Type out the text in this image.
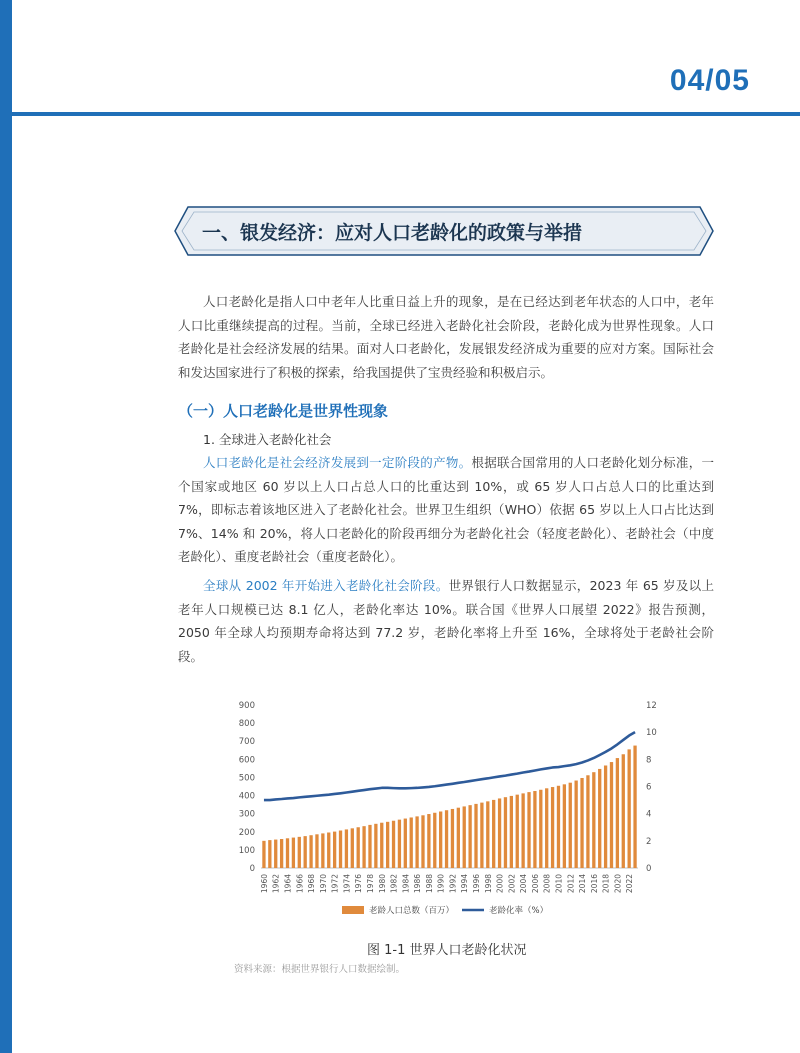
04/05
一、银发经济：应对人口老龄化的政策与举措
人口老龄化是指人口中老年人比重日益上升的现象，是在已经达到老年状态的人口中，老年人口比重继续提高的过程。当前，全球已经进入老龄化社会阶段，老龄化成为世界性现象。人口老龄化是社会经济发展的结果。面对人口老龄化，发展银发经济成为重要的应对方案。国际社会和发达国家进行了积极的探索，给我国提供了宝贵经验和积极启示。
（一）人口老龄化是世界性现象
1. 全球进入老龄化社会
人口老龄化是社会经济发展到一定阶段的产物。根据联合国常用的人口老龄化划分标准，一个国家或地区 60 岁以上人口占总人口的比重达到 10%，或 65 岁人口占总人口的比重达到 7%，即标志着该地区进入了老龄化社会。世界卫生组织（WHO）依据 65 岁以上人口占比达到 7%、14% 和 20%，将人口老龄化的阶段再细分为老龄化社会（轻度老龄化）、老龄社会（中度老龄化）、重度老龄社会（重度老龄化）。
全球从 2002 年开始进入老龄化社会阶段。世界银行人口数据显示，2023 年 65 岁及以上老年人口规模已达 8.1 亿人，老龄化率达 10%。联合国《世界人口展望 2022》报告预测，2050 年全球人均预期寿命将达到 77.2 岁，老龄化率将上升至 16%，全球将处于老龄社会阶段。
0
100
200
300
400
500
600
700
800
900
0
2
4
6
8
10
12
1960 1962 1964 1966 1968 1970 1972 1974 1976 1978 1980 1982 1984 1986 1988 1990 1992 1994 1996 1998 2000 2002 2004 2006 2008 2010 2012 2014 2016 2018 2020 2022
老龄人口总数（百万）	老龄化率（%）
图 1-1 世界人口老龄化状况
资料来源：根据世界银行人口数据绘制。
